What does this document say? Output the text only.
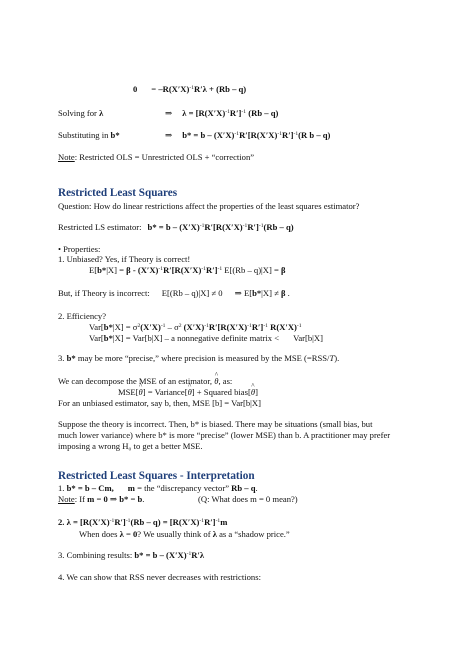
$0 = -R(X'X)^{-1}R'\lambda + (Rb - q)$
Solving for λ	⇒ $\lambda = [R(X'X)^{-1}R']^{-1}$ (Rb – q)
Substituting in b*	⇒ $b* = b - (X'X)^{-1}R'[R(X'X)^{-1}R']^{-1}(R$ b – q)
Note: Restricted OLS = Unrestricted OLS + “correction”
Restricted Least Squares
Question: How do linear restrictions affect the properties of the least squares estimator?
Restricted LS estimator: $b* = b - (X'X)^{-1}R'[R(X'X)^{-1}R']^{-1}(Rb - q)$
• Properties:
1. Unbiased? Yes, if Theory is correct!
$E[b*|X] = \beta - (X'X)^{-1}R'[R(X'X)^{-1}R']^{-1}$ E[(Rb – q)|X] = β
But, if Theory is incorrect: E[(Rb – q)|X] ≠ 0 ⇒ E[b*|X] ≠ β .
2. Efficiency?
$Var[b*|X] = \sigma^2(X'X)^{-1} - \sigma^2$ $(X'X)^{-1}R'[R(X'X)^{-1}R']^{-1}$ $R(X'X)^{-1}$
Var[b*|X] = Var[b|X] – a nonnegative definite matrix < Var[b|X]
3. b* may be more “precise,” where precision is measured by the MSE (=RSS/T).
We can decompose the MSE of an estimator, ^ θ, as:
MSE[^ θ] = Variance[^ θ] + Squared bias[^ θ]
For an unbiased estimator, say b, then, MSE [b] = Var[b|X]
Suppose the theory is incorrect. Then, b* is biased. There may be situations (small bias, but
much lower variance) where b* is more “precise” (lower MSE) than b. A practitioner may prefer
imposing a wrong H₀ to get a better MSE.
Restricted Least Squares - Interpretation
1. b* = b – Cm, m = the “discrepancy vector” Rb – q.
Note: If m = 0 ⇒ b* = b.	(Q: What does m = 0 mean?)
2. $\lambda = [R(X'X)^{-1}R']^{-1}(Rb - q) = [R(X'X)^{-1}R']^{-1}m$
When does λ = 0? We usually think of λ as a “shadow price.”
3. Combining results: $b* = b - (X'X)^{-1}R'\lambda$
4. We can show that RSS never decreases with restrictions:
